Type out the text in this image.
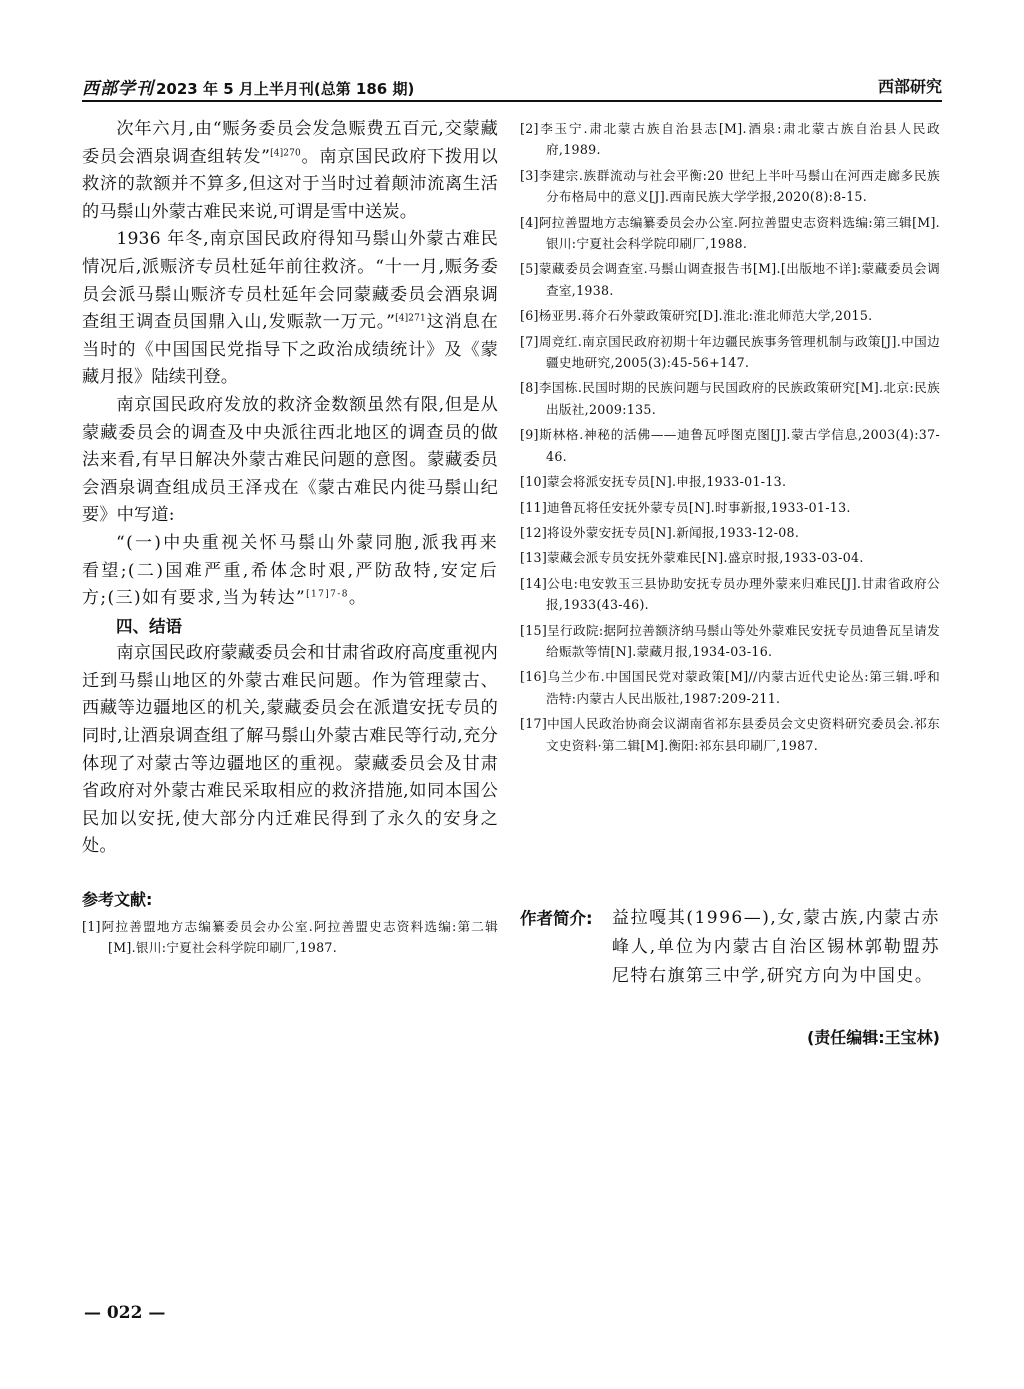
西部学刊 2023 年 5 月上半月刊(总第 186 期)	西部研究

次年六月,由“赈务委员会发急赈费五百元,交蒙藏委员会酒泉调查组转发”$^{[4]270}$。南京国民政府下拨用以救济的款额并不算多,但这对于当时过着颠沛流离生活的马鬃山外蒙古难民来说,可谓是雪中送炭。

1936 年冬,南京国民政府得知马鬃山外蒙古难民情况后,派赈济专员杜延年前往救济。“十一月,赈务委员会派马鬃山赈济专员杜延年会同蒙藏委员会酒泉调查组王调查员国鼎入山,发赈款一万元。”$^{[4]271}$这消息在当时的《中国国民党指导下之政治成绩统计》及《蒙藏月报》陆续刊登。

南京国民政府发放的救济金数额虽然有限,但是从蒙藏委员会的调查及中央派往西北地区的调查员的做法来看,有早日解决外蒙古难民问题的意图。蒙藏委员会酒泉调查组成员王泽戎在《蒙古难民内徙马鬃山纪要》中写道:

“(一)中央重视关怀马鬃山外蒙同胞,派我再来看望;(二)国难严重,希体念时艰,严防敌特,安定后方;(三)如有要求,当为转达”$^{[17]7-8}$。

四、结语

南京国民政府蒙藏委员会和甘肃省政府高度重视内迁到马鬃山地区的外蒙古难民问题。作为管理蒙古、西藏等边疆地区的机关,蒙藏委员会在派遣安抚专员的同时,让酒泉调查组了解马鬃山外蒙古难民等行动,充分体现了对蒙古等边疆地区的重视。蒙藏委员会及甘肃省政府对外蒙古难民采取相应的救济措施,如同本国公民加以安抚,使大部分内迁难民得到了永久的安身之处。

参考文献:

[1]阿拉善盟地方志编纂委员会办公室.阿拉善盟史志资料选编:第二辑[M].银川:宁夏社会科学院印刷厂,1987.

[2]李玉宁.肃北蒙古族自治县志[M].酒泉:肃北蒙古族自治县人民政府,1989.

[3]李建宗.族群流动与社会平衡:20 世纪上半叶马鬃山在河西走廊多民族分布格局中的意义[J].西南民族大学学报,2020(8):8-15.

[4]阿拉善盟地方志编纂委员会办公室.阿拉善盟史志资料选编:第三辑[M].银川:宁夏社会科学院印刷厂,1988.

[5]蒙藏委员会调查室.马鬃山调查报告书[M].[出版地不详]:蒙藏委员会调查室,1938.

[6]杨亚男.蒋介石外蒙政策研究[D].淮北:淮北师范大学,2015.

[7]周竞红.南京国民政府初期十年边疆民族事务管理机制与政策[J].中国边疆史地研究,2005(3):45-56+147.

[8]李国栋.民国时期的民族问题与民国政府的民族政策研究[M].北京:民族出版社,2009:135.

[9]斯林格.神秘的活佛——迪鲁瓦呼图克图[J].蒙古学信息,2003(4):37-46.

[10]蒙会将派安抚专员[N].申报,1933-01-13.

[11]迪鲁瓦将任安抚外蒙专员[N].时事新报,1933-01-13.

[12]将设外蒙安抚专员[N].新闻报,1933-12-08.

[13]蒙藏会派专员安抚外蒙难民[N].盛京时报,1933-03-04.

[14]公电:电安敦玉三县协助安抚专员办理外蒙来归难民[J].甘肃省政府公报,1933(43-46).

[15]呈行政院:据阿拉善额济纳马鬃山等处外蒙难民安抚专员迪鲁瓦呈请发给赈款等情[N].蒙藏月报,1934-03-16.

[16]乌兰少布.中国国民党对蒙政策[M]//内蒙古近代史论丛:第三辑.呼和浩特:内蒙古人民出版社,1987:209-211.

[17]中国人民政治协商会议湖南省祁东县委员会文史资料研究委员会.祁东文史资料·第二辑[M].衡阳:祁东县印刷厂,1987.

作者简介: 益拉嘎其(1996—),女,蒙古族,内蒙古赤峰人,单位为内蒙古自治区锡林郭勒盟苏尼特右旗第三中学,研究方向为中国史。
(责任编辑:王宝林)
— 022 —
